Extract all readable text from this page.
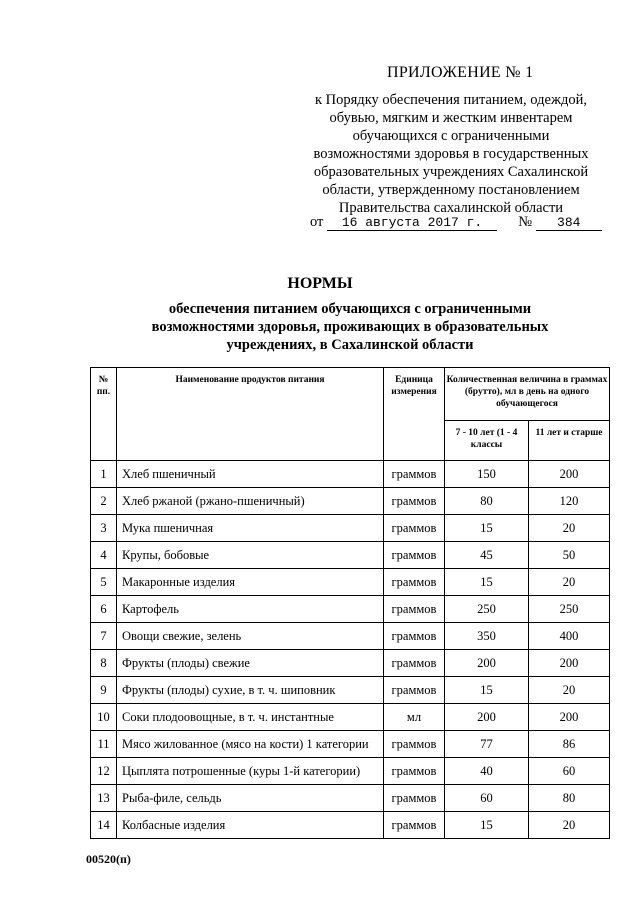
ПРИЛОЖЕНИЕ № 1
к Порядку обеспечения питанием, одеждой,
обувью, мягким и жестким инвентарем
обучающихся с ограниченными
возможностями здоровья в государственных
образовательных учреждениях Сахалинской
области, утвержденному постановлением
Правительства сахалинской области
от 16 августа 2017 г. № 384
НОРМЫ
обеспечения питанием обучающихся с ограниченными
возможностями здоровья, проживающих в образовательных
учреждениях, в Сахалинской области
№ пп.	Наименование продуктов питания	Единица измерения	Количественная величина в граммах (брутто), мл в день на одного обучающегося	
			7 - 10 лет (1 - 4 классы	11 лет и старше
1	Хлеб пшеничный	граммов	150	200
2	Хлеб ржаной (ржано-пшеничный)	граммов	80	120
3	Мука пшеничная	граммов	15	20
4	Крупы, бобовые	граммов	45	50
5	Макаронные изделия	граммов	15	20
6	Картофель	граммов	250	250
7	Овощи свежие, зелень	граммов	350	400
8	Фрукты (плоды) свежие	граммов	200	200
9	Фрукты (плоды) сухие, в т. ч. шиповник	граммов	15	20
10	Соки плодоовощные, в т. ч. инстантные	мл	200	200
11	Мясо жилованное (мясо на кости) 1 категории	граммов	77	86
12	Цыплята потрошенные (куры 1-й категории)	граммов	40	60
13	Рыба-филе, сельдь	граммов	60	80
14	Колбасные изделия	граммов	15	20
00520(п)
